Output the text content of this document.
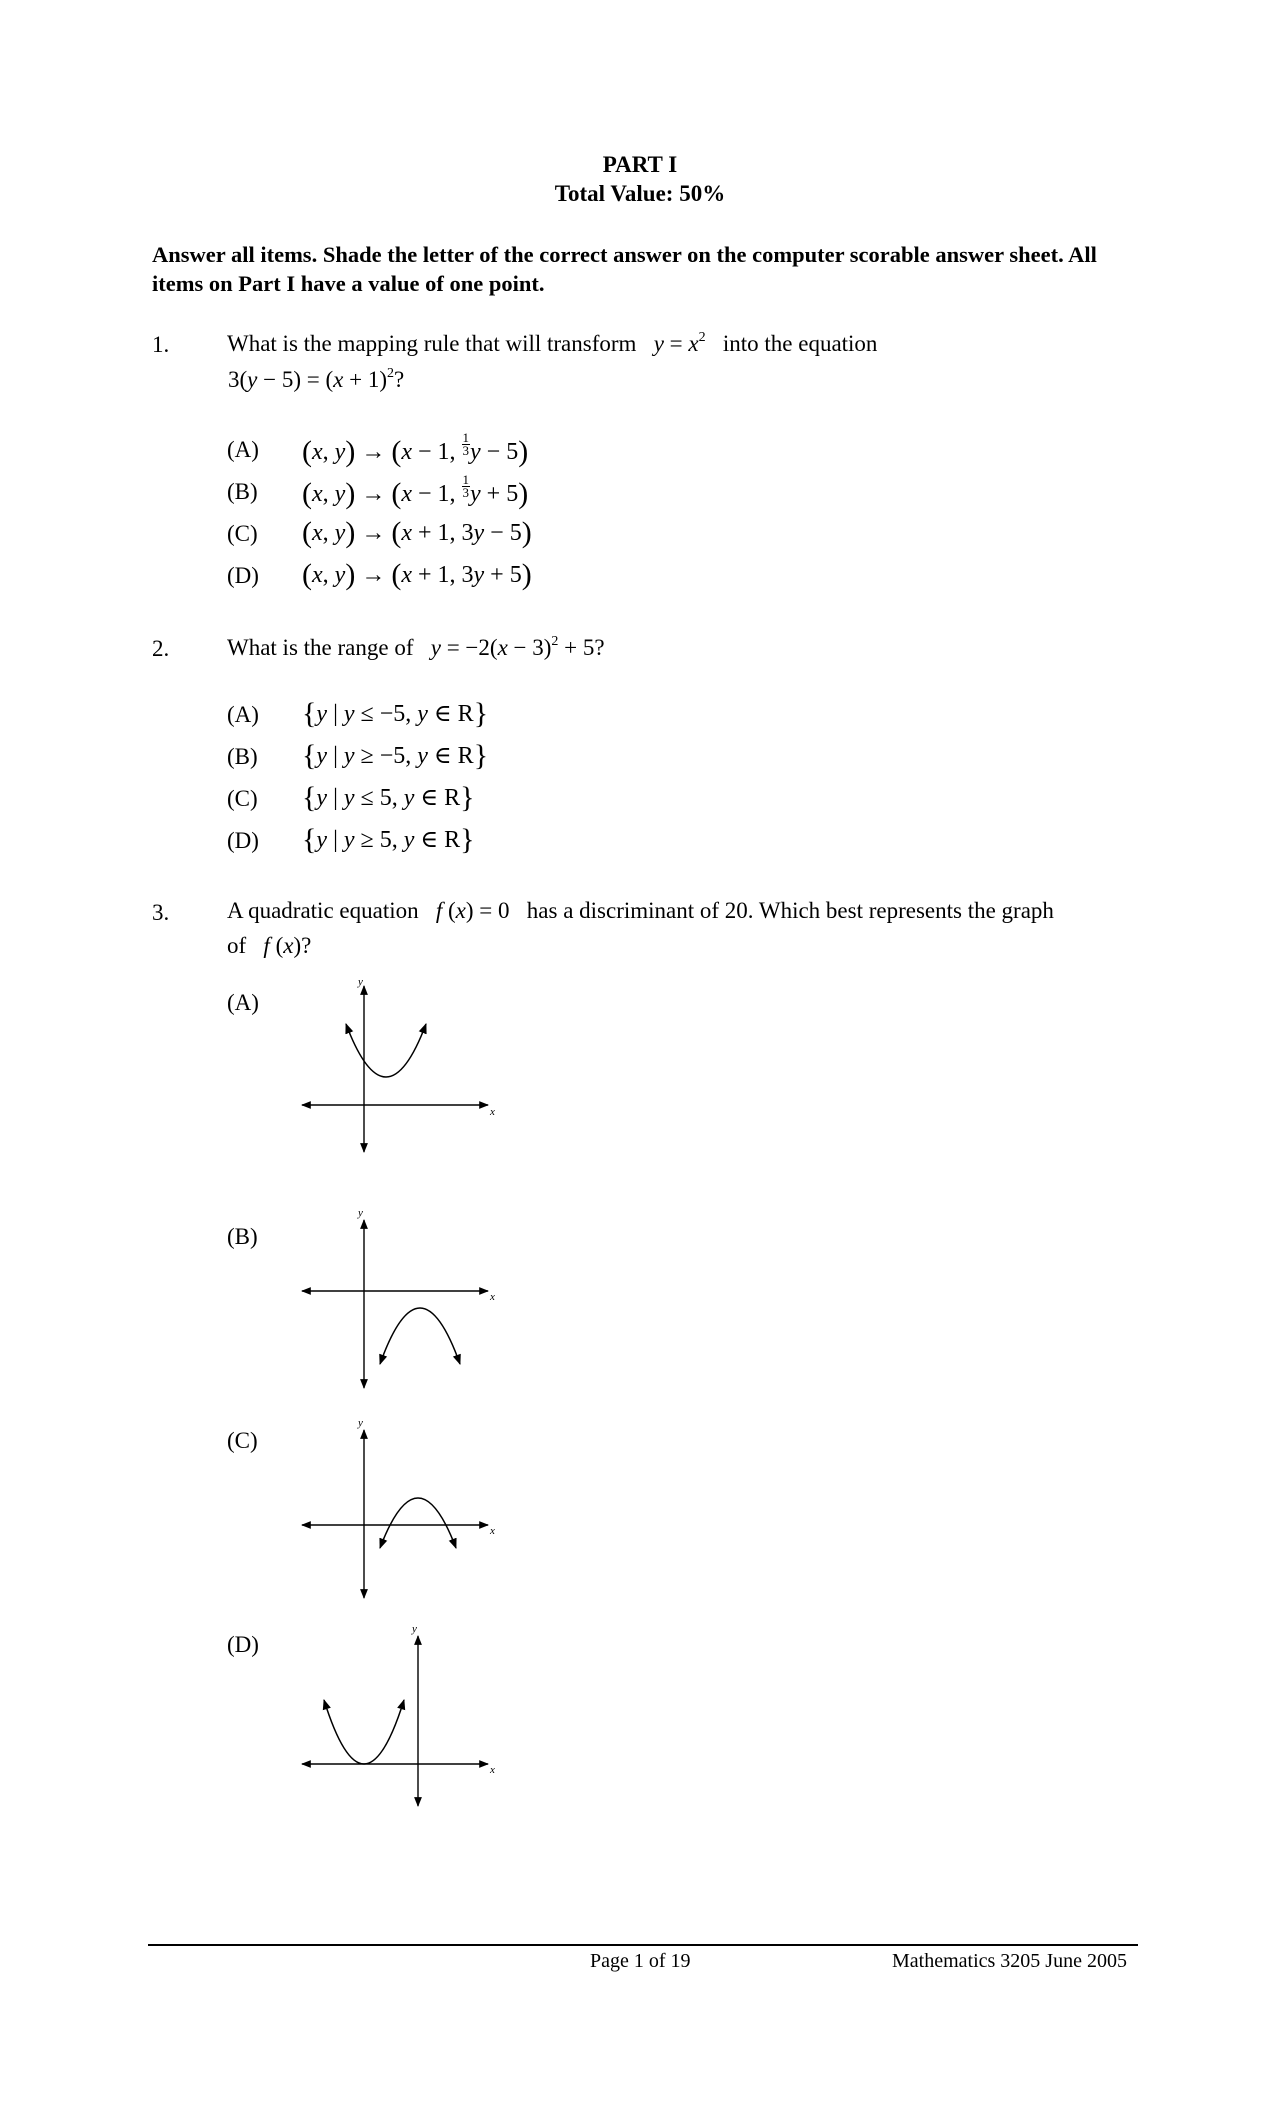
PART I
Total Value: 50%
Answer all items. Shade the letter of the correct answer on the computer scorable answer sheet. All items on Part I have a value of one point.
1.	What is the mapping rule that will transform $y = x^2$ into the equation
$3(y - 5) = (x + 1)^2$?
(A) (x, y) → (x − 1, $\frac{1}{3}$ y − 5)
(B) (x, y) → (x − 1, $\frac{1}{3}$ y + 5)
(C) (x, y) → (x + 1, 3y − 5)
(D) (x, y) → (x + 1, 3y + 5)
2.	What is the range of $y = -2(x - 3)^2 + 5$?
(A) {y | y ≤ −5, y ∈ R}
(B) {y | y ≥ −5, y ∈ R}
(C) {y | y ≤ 5, y ∈ R}
(D) {y | y ≥ 5, y ∈ R}
3.	A quadratic equation f (x) = 0   has a discriminant of 20. Which best represents the graph
of f (x)?
(A)
x
y
(B)
x
y
(C)
x
y
(D)
x
y
Page 1 of 19	Mathematics 3205 June 2005
